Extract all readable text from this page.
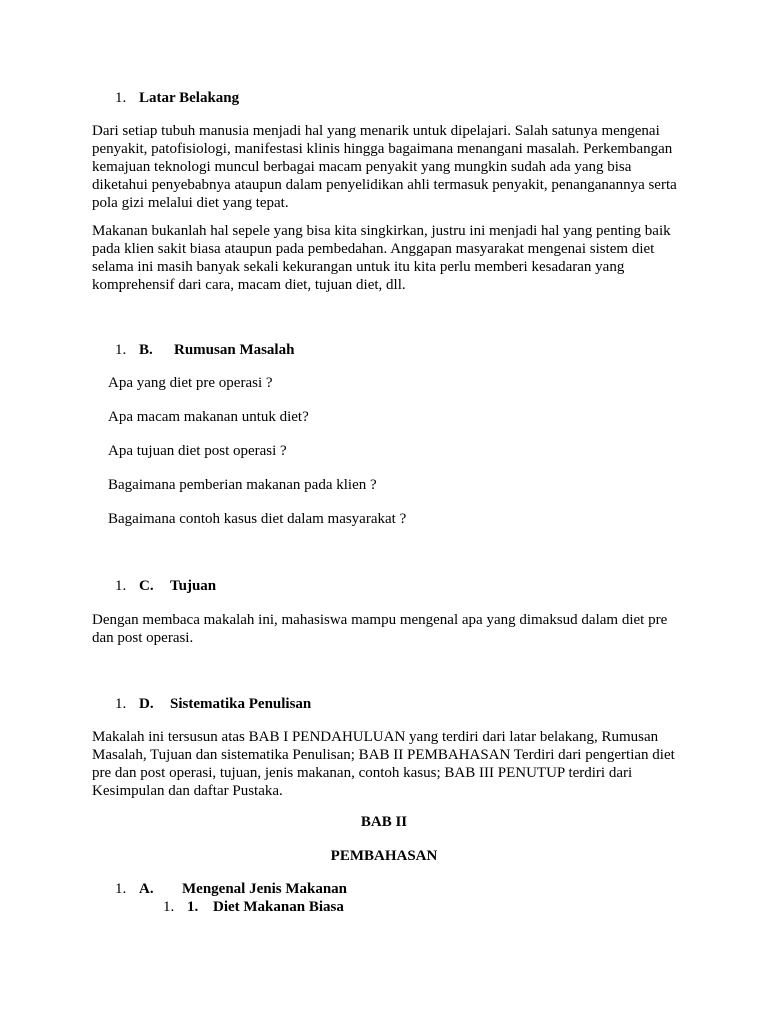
1. Latar Belakang

Dari setiap tubuh manusia menjadi hal yang menarik untuk dipelajari. Salah satunya mengenai penyakit, patofisiologi, manifestasi klinis hingga bagaimana menangani masalah. Perkembangan kemajuan teknologi muncul berbagai macam penyakit yang mungkin sudah ada yang bisa diketahui penyebabnya ataupun dalam penyelidikan ahli termasuk penyakit, penanganannya serta pola gizi melalui diet yang tepat.

Makanan bukanlah hal sepele yang bisa kita singkirkan, justru ini menjadi hal yang penting baik pada klien sakit biasa ataupun pada pembedahan. Anggapan masyarakat mengenai sistem diet selama ini masih banyak sekali kekurangan untuk itu kita perlu memberi kesadaran yang komprehensif dari cara, macam diet, tujuan diet, dll.

1. B. Rumusan Masalah
Apa yang diet pre operasi ?
Apa macam makanan untuk diet?
Apa tujuan diet post operasi ?
Bagaimana pemberian makanan pada klien ?
Bagaimana contoh kasus diet dalam masyarakat ?
1. C. Tujuan

Dengan membaca makalah ini, mahasiswa mampu mengenal apa yang dimaksud dalam diet pre dan post operasi.

1. D. Sistematika Penulisan

Makalah ini tersusun atas BAB I PENDAHULUAN yang terdiri dari latar belakang, Rumusan Masalah, Tujuan dan sistematika Penulisan; BAB II PEMBAHASAN Terdiri dari pengertian diet pre dan post operasi, tujuan, jenis makanan, contoh kasus; BAB III PENUTUP terdiri dari Kesimpulan dan daftar Pustaka.

BAB II
PEMBAHASAN
1. A. Mengenal Jenis Makanan
1. 1. Diet Makanan Biasa
